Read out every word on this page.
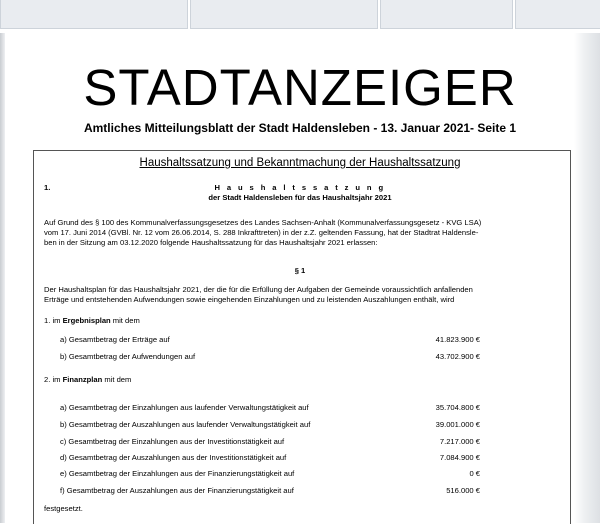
STADTANZEIGER
Amtliches Mitteilungsblatt der Stadt Haldensleben - 13. Januar 2021- Seite 1
Haushaltssatzung und Bekanntmachung der Haushaltssatzung
1.	H a u s h a l t s s a t z u n g
der Stadt Haldensleben für das Haushaltsjahr 2021
Auf Grund des § 100 des Kommunalverfassungsgesetzes des Landes Sachsen-Anhalt (Kommunalverfassungsgesetz - KVG LSA)
vom 17. Juni 2014 (GVBl. Nr. 12 vom 26.06.2014, S. 288 Inkrafttreten) in der z.Z. geltenden Fassung, hat der Stadtrat Haldensle-
ben in der Sitzung am 03.12.2020 folgende Haushaltssatzung für das Haushaltsjahr 2021 erlassen:
§ 1
Der Haushaltsplan für das Haushaltsjahr 2021, der die für die Erfüllung der Aufgaben der Gemeinde voraussichtlich anfallenden
Erträge und entstehenden Aufwendungen sowie eingehenden Einzahlungen und zu leistenden Auszahlungen enthält, wird
1. im Ergebnisplan mit dem
a) Gesamtbetrag der Erträge auf	41.823.900 €
b) Gesamtbetrag der Aufwendungen auf	43.702.900 €
2. im Finanzplan mit dem
a) Gesamtbetrag der Einzahlungen aus laufender Verwaltungstätigkeit auf	35.704.800 €
b) Gesamtbetrag der Auszahlungen aus laufender Verwaltungstätigkeit auf	39.001.000 €
c) Gesamtbetrag der Einzahlungen aus der Investitionstätigkeit auf	7.217.000 €
d) Gesamtbetrag der Auszahlungen aus der Investitionstätigkeit auf	7.084.900 €
e) Gesamtbetrag der Einzahlungen aus der Finanzierungstätigkeit auf	0 €
f) Gesamtbetrag der Auszahlungen aus der Finanzierungstätigkeit auf	516.000 €
festgesetzt.
